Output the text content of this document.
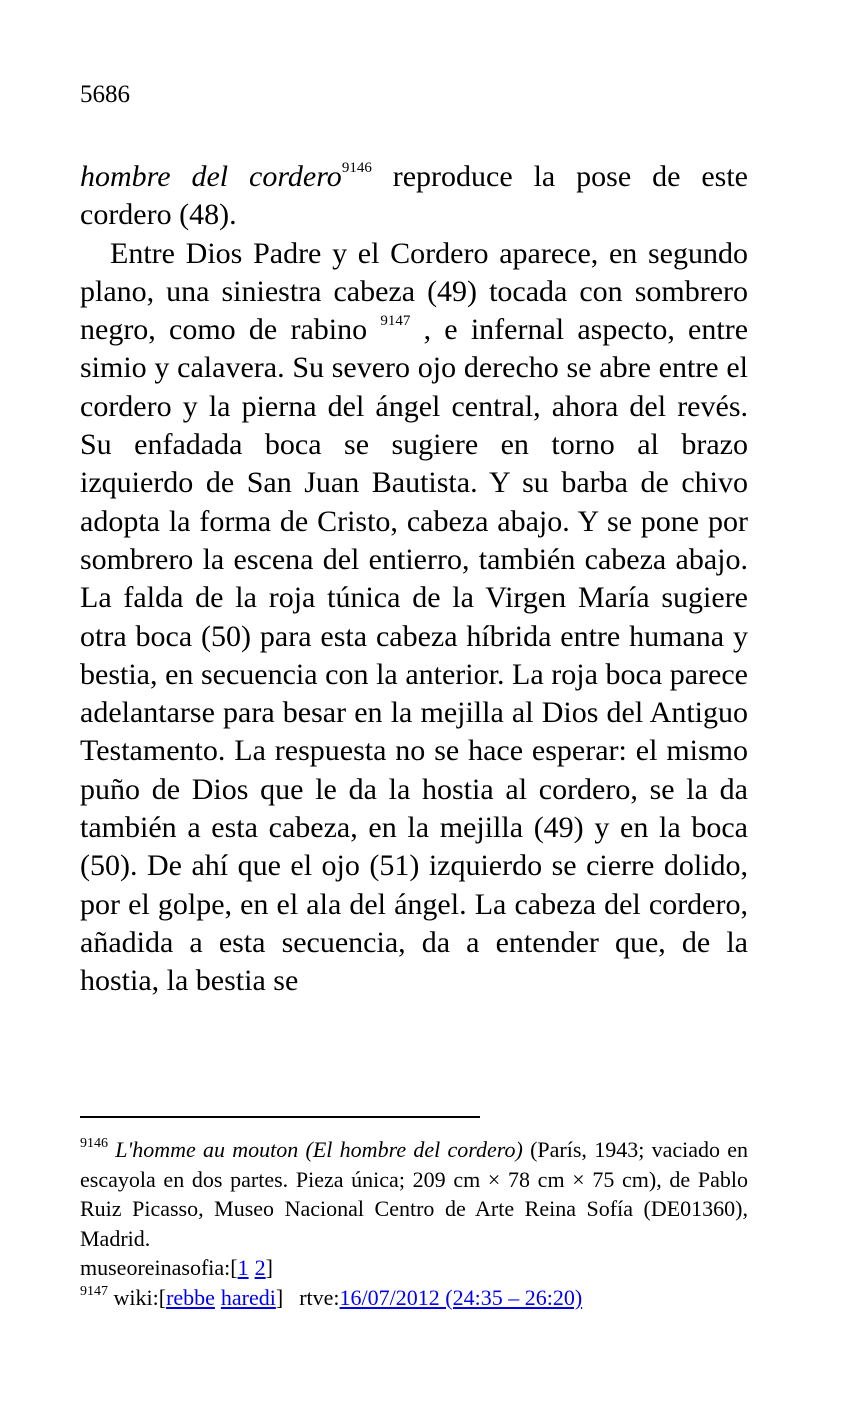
5686

hombre del cordero$^{9146}$ reproduce la pose de este cordero (48).

Entre Dios Padre y el Cordero aparece, en segundo plano, una siniestra cabeza (49) tocada con sombrero negro, como de rabino $^{9147}$ , e infernal aspecto, entre simio y calavera. Su severo ojo derecho se abre entre el cordero y la pierna del ángel central, ahora del revés. Su enfadada boca se sugiere en torno al brazo izquierdo de San Juan Bautista. Y su barba de chivo adopta la forma de Cristo, cabeza abajo. Y se pone por sombrero la escena del entierro, también cabeza abajo. La falda de la roja túnica de la Virgen María sugiere otra boca (50) para esta cabeza híbrida entre humana y bestia, en secuencia con la anterior. La roja boca parece adelantarse para besar en la mejilla al Dios del Antiguo Testamento. La respuesta no se hace esperar: el mismo puño de Dios que le da la hostia al cordero, se la da también a esta cabeza, en la mejilla (49) y en la boca (50). De ahí que el ojo (51) izquierdo se cierre dolido, por el golpe, en el ala del ángel. La cabeza del cordero, añadida a esta secuencia, da a entender que, de la hostia, la bestia se

$^{9146}$ L'homme au mouton (El hombre del cordero) (París, 1943; vaciado en escayola en dos partes. Pieza única; 209 cm × 78 cm × 75 cm), de Pablo Ruiz Picasso, Museo Nacional Centro de Arte Reina Sofía (DE01360), Madrid.
museoreinasofia:[1 2]

$^{9147}$ wiki:[rebbe haredi] rtve:16/07/2012 (24:35 – 26:20)
